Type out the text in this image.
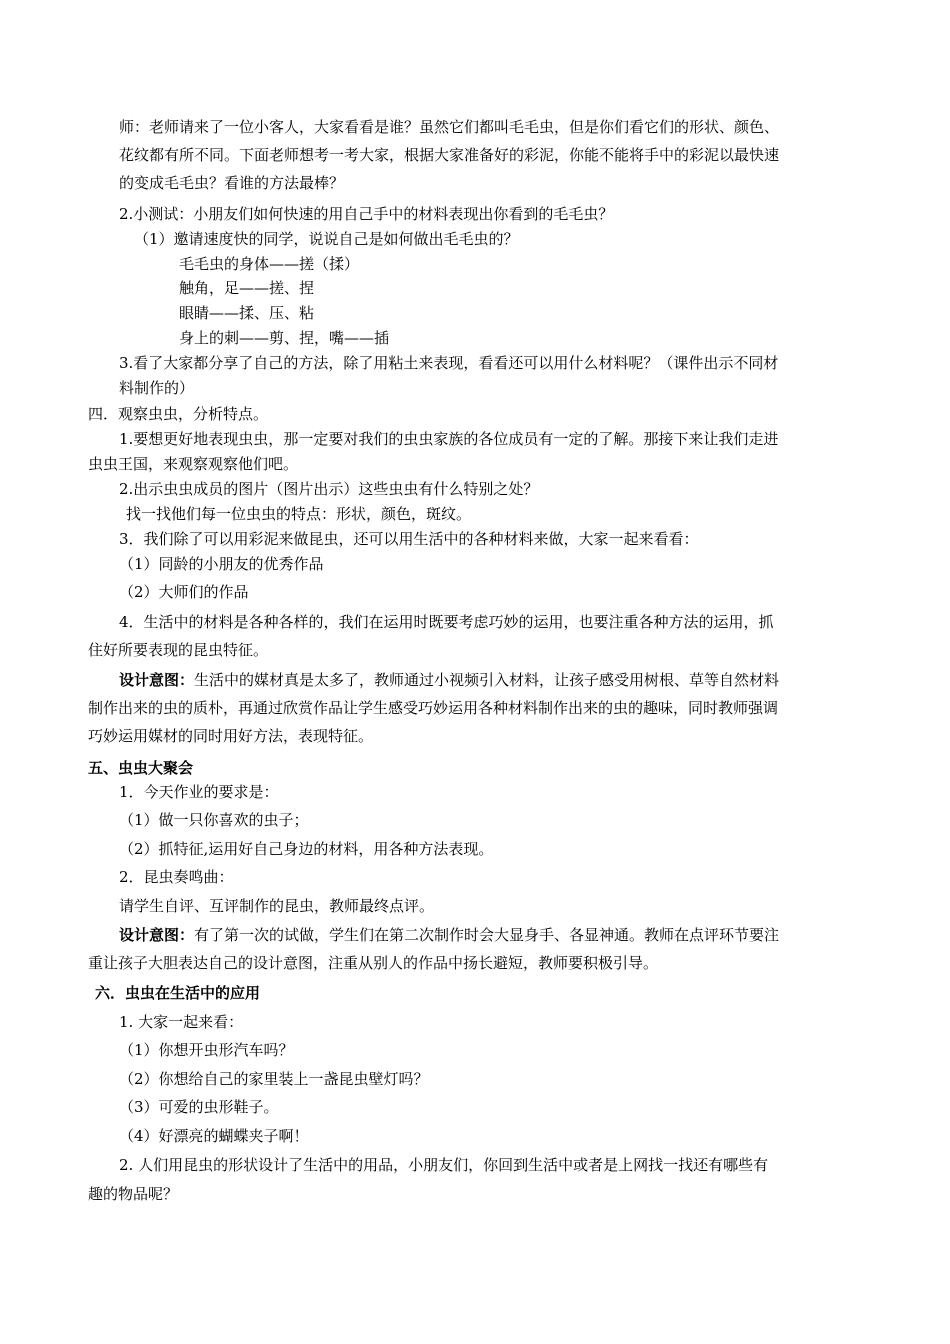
师：老师请来了一位小客人，大家看看是谁？虽然它们都叫毛毛虫，但是你们看它们的形状、颜色、
花纹都有所不同。下面老师想考一考大家，根据大家准备好的彩泥，你能不能将手中的彩泥以最快速
的变成毛毛虫？看谁的方法最棒？
2.小测试：小朋友们如何快速的用自己手中的材料表现出你看到的毛毛虫？
（1）邀请速度快的同学，说说自己是如何做出毛毛虫的？
毛毛虫的身体——搓（揉）
触角，足——搓、捏
眼睛——揉、压、粘
身上的刺——剪、捏，嘴——插
3.看了大家都分享了自己的方法，除了用粘土来表现，看看还可以用什么材料呢？（课件出示不同材
料制作的）
四．观察虫虫，分析特点。
1.要想更好地表现虫虫，那一定要对我们的虫虫家族的各位成员有一定的了解。那接下来让我们走进
虫虫王国，来观察观察他们吧。
2.出示虫虫成员的图片（图片出示）这些虫虫有什么特别之处？
找一找他们每一位虫虫的特点：形状，颜色，斑纹。
3．我们除了可以用彩泥来做昆虫，还可以用生活中的各种材料来做，大家一起来看看：
（1）同龄的小朋友的优秀作品
（2）大师们的作品
4．生活中的材料是各种各样的，我们在运用时既要考虑巧妙的运用，也要注重各种方法的运用，抓
住好所要表现的昆虫特征。
设计意图：生活中的媒材真是太多了，教师通过小视频引入材料，让孩子感受用树根、草等自然材料
制作出来的虫的质朴，再通过欣赏作品让学生感受巧妙运用各种材料制作出来的虫的趣味，同时教师强调
巧妙运用媒材的同时用好方法，表现特征。
五、虫虫大聚会
1．今天作业的要求是：
（1）做一只你喜欢的虫子；
（2）抓特征,运用好自己身边的材料，用各种方法表现。
2．昆虫奏鸣曲：
请学生自评、互评制作的昆虫，教师最终点评。
设计意图：有了第一次的试做，学生们在第二次制作时会大显身手、各显神通。教师在点评环节要注
重让孩子大胆表达自己的设计意图，注重从别人的作品中扬长避短，教师要积极引导。
六．虫虫在生活中的应用
1. 大家一起来看：
（1）你想开虫形汽车吗？
（2）你想给自己的家里装上一盏昆虫壁灯吗？
（3）可爱的虫形鞋子。
（4）好漂亮的蝴蝶夹子啊！
2. 人们用昆虫的形状设计了生活中的用品，小朋友们，你回到生活中或者是上网找一找还有哪些有
趣的物品呢？
